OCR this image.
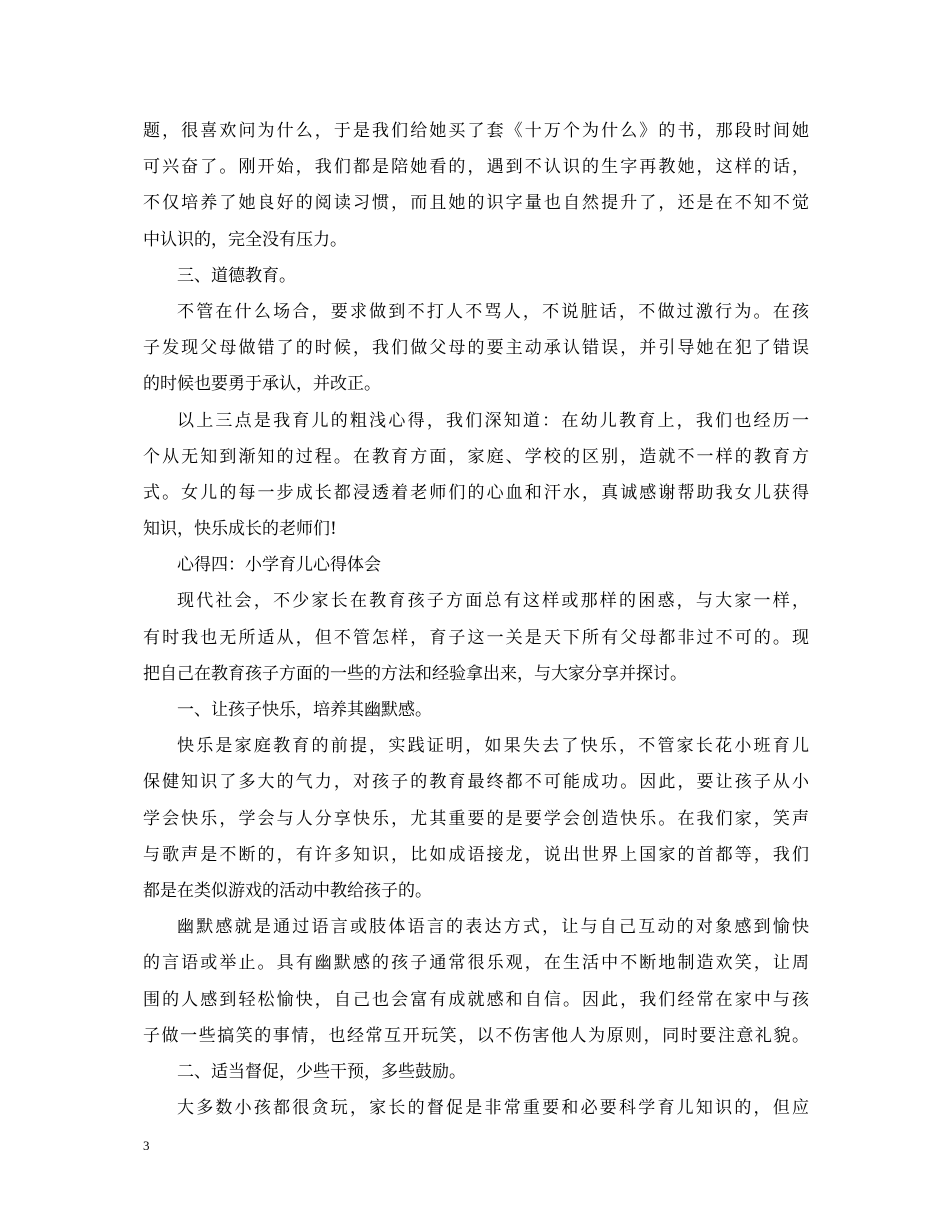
题，很喜欢问为什么，于是我们给她买了套《十万个为什么》的书，那段时间她
可兴奋了。刚开始，我们都是陪她看的，遇到不认识的生字再教她，这样的话，
不仅培养了她良好的阅读习惯，而且她的识字量也自然提升了，还是在不知不觉
中认识的，完全没有压力。
三、道德教育。
不管在什么场合，要求做到不打人不骂人，不说脏话，不做过激行为。在孩
子发现父母做错了的时候，我们做父母的要主动承认错误，并引导她在犯了错误
的时候也要勇于承认，并改正。
以上三点是我育儿的粗浅心得，我们深知道：在幼儿教育上，我们也经历一
个从无知到渐知的过程。在教育方面，家庭、学校的区别，造就不一样的教育方
式。女儿的每一步成长都浸透着老师们的心血和汗水，真诚感谢帮助我女儿获得
知识，快乐成长的老师们!
心得四：小学育儿心得体会
现代社会，不少家长在教育孩子方面总有这样或那样的困惑，与大家一样，
有时我也无所适从，但不管怎样，育子这一关是天下所有父母都非过不可的。现
把自己在教育孩子方面的一些的方法和经验拿出来，与大家分享并探讨。
一、让孩子快乐，培养其幽默感。
快乐是家庭教育的前提，实践证明，如果失去了快乐，不管家长花小班育儿
保健知识了多大的气力，对孩子的教育最终都不可能成功。因此，要让孩子从小
学会快乐，学会与人分享快乐，尤其重要的是要学会创造快乐。在我们家，笑声
与歌声是不断的，有许多知识，比如成语接龙，说出世界上国家的首都等，我们
都是在类似游戏的活动中教给孩子的。
幽默感就是通过语言或肢体语言的表达方式，让与自己互动的对象感到愉快
的言语或举止。具有幽默感的孩子通常很乐观，在生活中不断地制造欢笑，让周
围的人感到轻松愉快，自己也会富有成就感和自信。因此，我们经常在家中与孩
子做一些搞笑的事情，也经常互开玩笑，以不伤害他人为原则，同时要注意礼貌。
二、适当督促，少些干预，多些鼓励。
大多数小孩都很贪玩，家长的督促是非常重要和必要科学育儿知识的，但应
3
